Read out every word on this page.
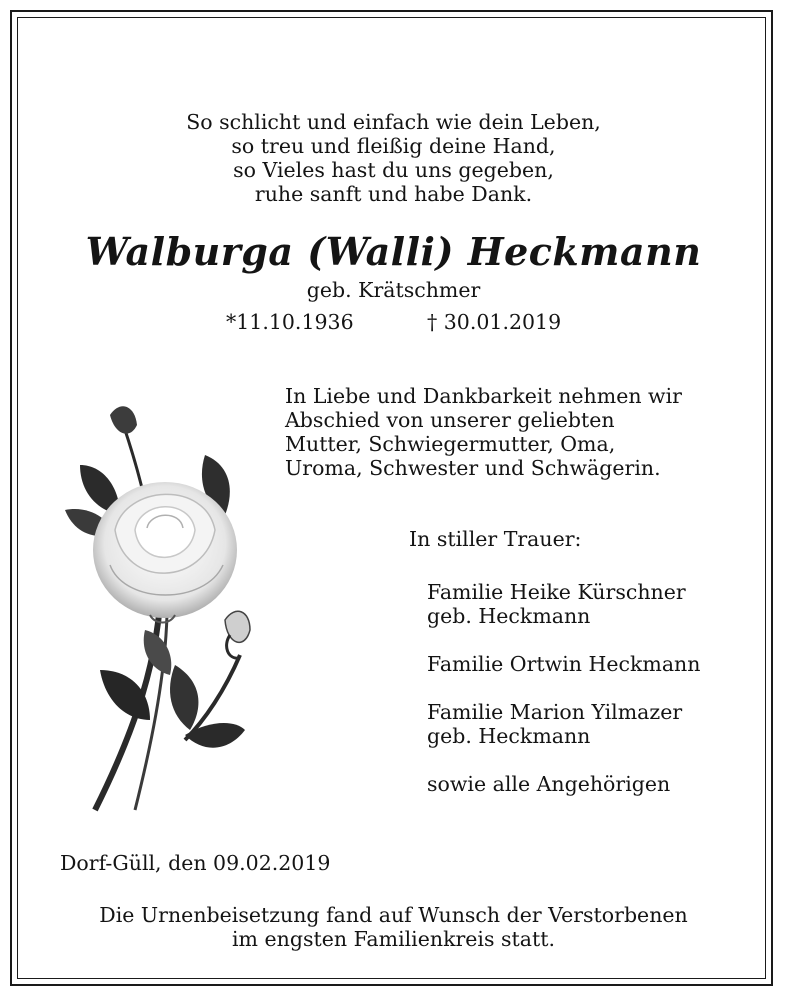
So schlicht und einfach wie dein Leben,

so treu und fleißig deine Hand,

so Vieles hast du uns gegeben,

ruhe sanft und habe Dank.

Walburga (Walli) Heckmann

geb. Krätschmer

*11.10.1936	† 30.01.2019

In Liebe und Dankbarkeit nehmen wir

Abschied von unserer geliebten

Mutter, Schwiegermutter, Oma,

Uroma, Schwester und Schwägerin.

In stiller Trauer:

Familie Heike Kürschner

geb. Heckmann

Familie Ortwin Heckmann

Familie Marion Yilmazer

geb. Heckmann

sowie alle Angehörigen

Dorf-Güll, den 09.02.2019

Die Urnenbeisetzung fand auf Wunsch der Verstorbenen

im engsten Familienkreis statt.
